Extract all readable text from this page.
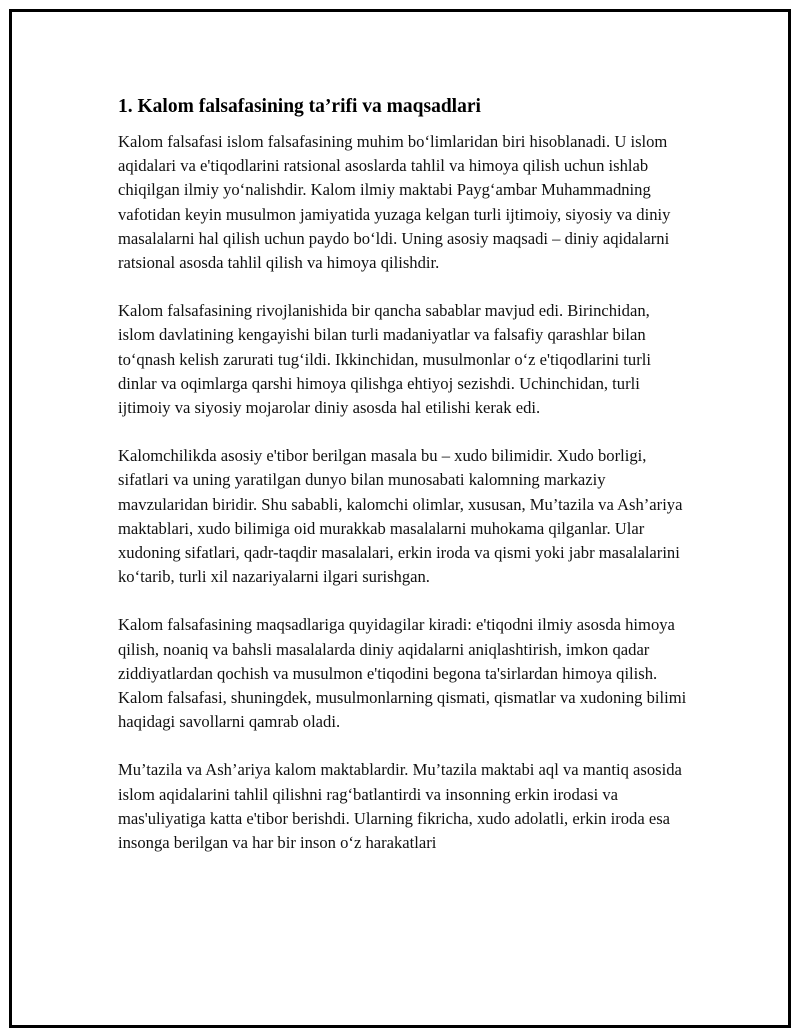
1. Kalom falsafasining ta’rifi va maqsadlari

Kalom falsafasi islom falsafasining muhim bo‘limlaridan biri hisoblanadi. U islom aqidalari va e'tiqodlarini ratsional asoslarda tahlil va himoya qilish uchun ishlab chiqilgan ilmiy yo‘nalishdir. Kalom ilmiy maktabi Payg‘ambar Muhammadning vafotidan keyin musulmon jamiyatida yuzaga kelgan turli ijtimoiy, siyosiy va diniy masalalarni hal qilish uchun paydo bo‘ldi. Uning asosiy maqsadi – diniy aqidalarni ratsional asosda tahlil qilish va himoya qilishdir.

Kalom falsafasining rivojlanishida bir qancha sabablar mavjud edi. Birinchidan, islom davlatining kengayishi bilan turli madaniyatlar va falsafiy qarashlar bilan to‘qnash kelish zarurati tug‘ildi. Ikkinchidan, musulmonlar o‘z e'tiqodlarini turli dinlar va oqimlarga qarshi himoya qilishga ehtiyoj sezishdi. Uchinchidan, turli ijtimoiy va siyosiy mojarolar diniy asosda hal etilishi kerak edi.

Kalomchilikda asosiy e'tibor berilgan masala bu – xudo bilimidir. Xudo borligi, sifatlari va uning yaratilgan dunyo bilan munosabati kalomning markaziy mavzularidan biridir. Shu sababli, kalomchi olimlar, xususan, Mu’tazila va Ash’ariya maktablari, xudo bilimiga oid murakkab masalalarni muhokama qilganlar. Ular xudoning sifatlari, qadr-taqdir masalalari, erkin iroda va qismi yoki jabr masalalarini ko‘tarib, turli xil nazariyalarni ilgari surishgan.

Kalom falsafasining maqsadlariga quyidagilar kiradi: e'tiqodni ilmiy asosda himoya qilish, noaniq va bahsli masalalarda diniy aqidalarni aniqlashtirish, imkon qadar ziddiyatlardan qochish va musulmon e'tiqodini begona ta'sirlardan himoya qilish. Kalom falsafasi, shuningdek, musulmonlarning qismati, qismatlar va xudoning bilimi haqidagi savollarni qamrab oladi.

Mu’tazila va Ash’ariya kalom maktablardir. Mu’tazila maktabi aql va mantiq asosida islom aqidalarini tahlil qilishni rag‘batlantirdi va insonning erkin irodasi va mas'uliyatiga katta e'tibor berishdi. Ularning fikricha, xudo adolatli, erkin iroda esa insonga berilgan va har bir inson o‘z harakatlari
